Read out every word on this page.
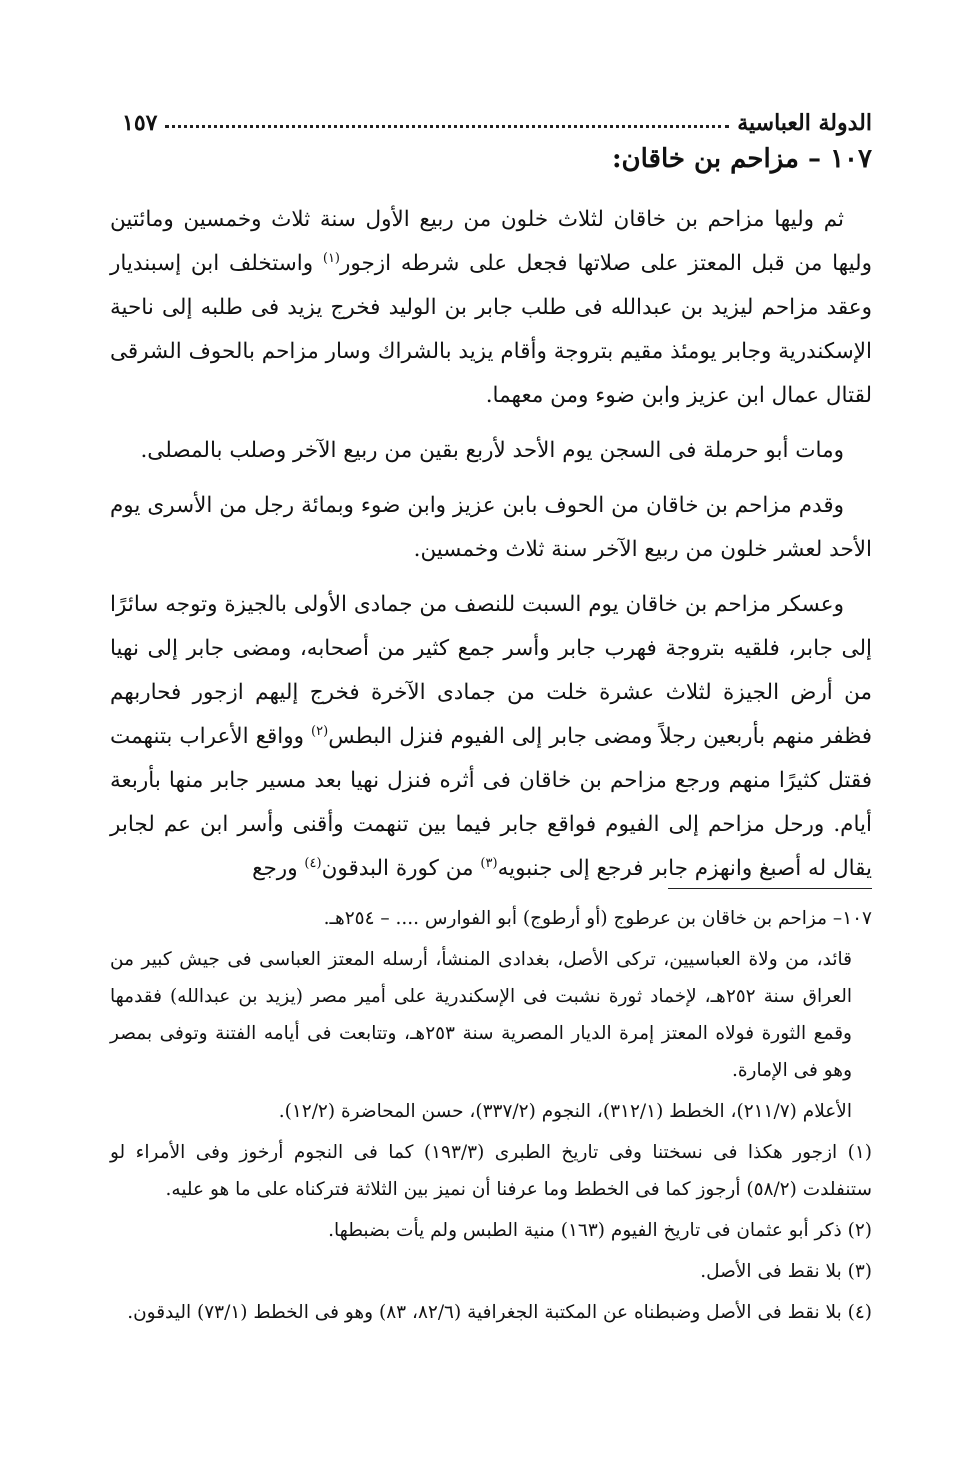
الدولة العباسية
١٥٧
١٠٧ – مزاحم بن خاقان:

ثم وليها مزاحم بن خاقان لثلاث خلون من ربيع الأول سنة ثلاث وخمسين ومائتين وليها من قبل المعتز على صلاتها فجعل على شرطه ازجور$^{(١)}$ واستخلف ابن إسبنديار وعقد مزاحم ليزيد بن عبدالله فى طلب جابر بن الوليد فخرج يزيد فى طلبه إلى ناحية الإسكندرية وجابر يومئذ مقيم بتروجة وأقام يزيد بالشراك وسار مزاحم بالحوف الشرقى لقتال عمال ابن عزيز وابن ضوء ومن معهما.

ومات أبو حرملة فى السجن يوم الأحد لأربع بقين من ربيع الآخر وصلب بالمصلى.

وقدم مزاحم بن خاقان من الحوف بابن عزيز وابن ضوء وبمائة رجل من الأسرى يوم الأحد لعشر خلون من ربيع الآخر سنة ثلاث وخمسين.

وعسكر مزاحم بن خاقان يوم السبت للنصف من جمادى الأولى بالجيزة وتوجه سائرًا إلى جابر، فلقيه بتروجة فهرب جابر وأسر جمع كثير من أصحابه، ومضى جابر إلى نهيا من أرض الجيزة لثلاث عشرة خلت من جمادى الآخرة فخرج إليهم ازجور فحاربهم فظفر منهم بأربعين رجلاً ومضى جابر إلى الفيوم فنزل البطس$^{(٢)}$ وواقع الأعراب بتنهمت فقتل كثيرًا منهم ورجع مزاحم بن خاقان فى أثره فنزل نهيا بعد مسير جابر منها بأربعة أيام. ورحل مزاحم إلى الفيوم فواقع جابر فيما بين تنهمت وأقنى وأسر ابن عم لجابر يقال له أصبغ وانهزم جابر فرجع إلى جنبويه$^{(٣)}$ من كورة البدقون$^{(٤)}$ ورجع

١٠٧– مزاحم بن خاقان بن عرطوج (أو أرطوج) أبو الفوارس .... – ٢٥٤هـ.

قائد، من ولاة العباسيين، تركى الأصل، بغدادى المنشأ، أرسله المعتز العباسى فى جيش كبير من العراق سنة ٢٥٢هـ، لإخماد ثورة نشبت فى الإسكندرية على أمير مصر (يزيد بن عبدالله) فقدمها وقمع الثورة فولاه المعتز إمرة الديار المصرية سنة ٢٥٣هـ، وتتابعت فى أيامه الفتنة وتوفى بمصر وهو فى الإمارة.

الأعلام (٢١١/٧)، الخطط (٣١٢/١)، النجوم (٣٣٧/٢)، حسن المحاضرة (١٢/٢).

(١) ازجور هكذا فى نسختنا وفى تاريخ الطبرى (١٩٣/٣) كما فى النجوم أرخوز وفى الأمراء لو ستنفلدت (٥٨/٢) أرجوز كما فى الخطط وما عرفنا أن نميز بين الثلاثة فتركناه على ما هو عليه.

(٢) ذكر أبو عثمان فى تاريخ الفيوم (١٦٣) منية الطبس ولم يأت بضبطها.

(٣) بلا نقط فى الأصل.

(٤) بلا نقط فى الأصل وضبطناه عن المكتبة الجغرافية (٨٢/٦، ٨٣) وهو فى الخطط (٧٣/١) اليدقون.
